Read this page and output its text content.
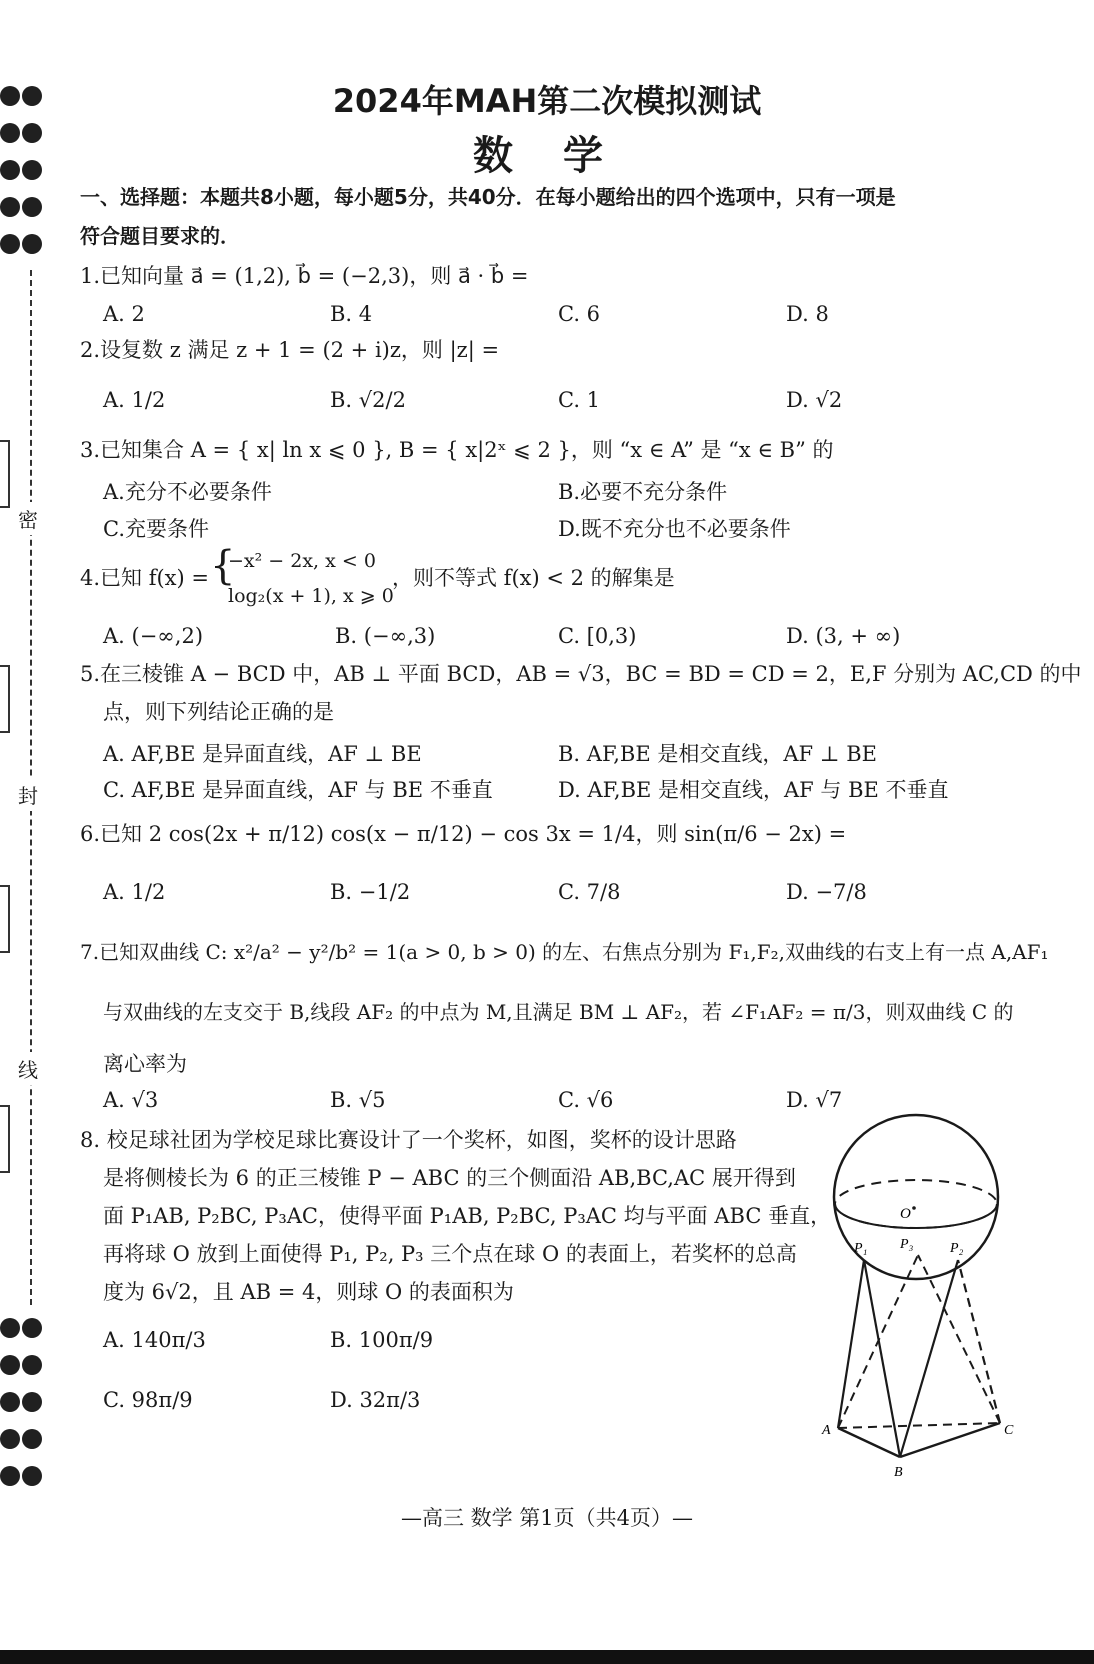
密
封
线
2024年MAH第二次模拟测试
数 学
一、选择题：本题共8小题，每小题5分，共40分．在每小题给出的四个选项中，只有一项是
符合题目要求的．
1.已知向量 a⃗ = (1,2), b⃗ = (−2,3)，则 a⃗ · b⃗ =
A. 2	B. 4	C. 6	D. 8
2.设复数 z 满足 z + 1 = (2 + i)z，则 |z| =
A. 1/2	B. √2/2	C. 1	D. √2
3.已知集合 A = { x| ln x ⩽ 0 }, B = { x|2ˣ ⩽ 2 }，则 “x ∈ A” 是 “x ∈ B” 的
A.充分不必要条件	B.必要不充分条件
C.充要条件	D.既不充分也不必要条件
4.已知 f(x) = {
−x² − 2x, x < 0
log₂(x + 1), x ⩾ 0
，则不等式 f(x) < 2 的解集是
A. (−∞,2)	B. (−∞,3)	C. [0,3)	D. (3, + ∞)
5.在三棱锥 A − BCD 中，AB ⊥ 平面 BCD，AB = √3，BC = BD = CD = 2，E,F 分别为 AC,CD 的中
点，则下列结论正确的是
A. AF,BE 是异面直线，AF ⊥ BE	B. AF,BE 是相交直线，AF ⊥ BE
C. AF,BE 是异面直线，AF 与 BE 不垂直	D. AF,BE 是相交直线，AF 与 BE 不垂直
6.已知 2 cos(2x + π/12) cos(x − π/12) − cos 3x = 1/4，则 sin(π/6 − 2x) =
A. 1/2	B. −1/2	C. 7/8	D. −7/8
7.已知双曲线 C: x²/a² − y²/b² = 1(a > 0, b > 0) 的左、右焦点分别为 F₁,F₂,双曲线的右支上有一点 A,AF₁
与双曲线的左支交于 B,线段 AF₂ 的中点为 M,且满足 BM ⊥ AF₂，若 ∠F₁AF₂ = π/3，则双曲线 C 的
离心率为
A. √3	B. √5	C. √6	D. √7
8. 校足球社团为学校足球比赛设计了一个奖杯，如图，奖杯的设计思路
是将侧棱长为 6 的正三棱锥 P − ABC 的三个侧面沿 AB,BC,AC 展开得到
面 P₁AB, P₂BC, P₃AC，使得平面 P₁AB, P₂BC, P₃AC 均与平面 ABC 垂直，
再将球 O 放到上面使得 P₁, P₂, P₃ 三个点在球 O 的表面上，若奖杯的总高
度为 6√2，且 AB = 4，则球 O 的表面积为
A. 140π/3	B. 100π/9
C. 98π/9	D. 32π/3
O
P₁ P₃	P₂
A
B
C
—高三 数学 第1页（共4页）—
